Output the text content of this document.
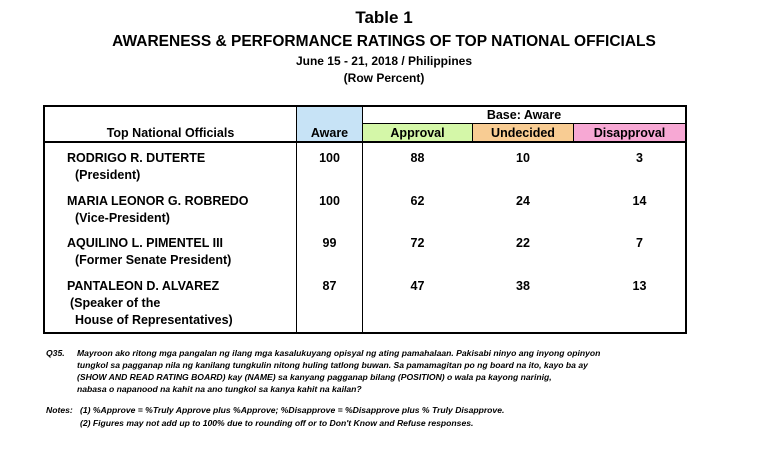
Table 1
AWARENESS & PERFORMANCE RATINGS OF TOP NATIONAL OFFICIALS
June 15 - 21, 2018 / Philippines
(Row Percent)
Base: Aware
Top National Officials	Aware	Approval	Undecided	Disapproval
RODRIGO R. DUTERTE
(President)
100	88	10	3
MARIA LEONOR G. ROBREDO
(Vice-President)
100	62	24	14
AQUILINO L. PIMENTEL III
(Former Senate President)
99	72	22	7
PANTALEON D. ALVAREZ
(Speaker of the
House of Representatives)
87	47	38	13
Q35. Mayroon ako ritong mga pangalan ng ilang mga kasalukuyang opisyal ng ating pamahalaan. Pakisabi ninyo ang inyong opinyon
tungkol sa pagganap nila ng kanilang tungkulin nitong huling tatlong buwan. Sa pamamagitan po ng board na ito, kayo ba ay
(SHOW AND READ RATING BOARD) kay (NAME) sa kanyang pagganap bilang (POSITION) o wala pa kayong narinig,
nabasa o napanood na kahit na ano tungkol sa kanya kahit na kailan?
Notes: (1) %Approve = %Truly Approve plus %Approve; %Disapprove = %Disapprove plus % Truly Disapprove.
(2) Figures may not add up to 100% due to rounding off or to Don't Know and Refuse responses.
